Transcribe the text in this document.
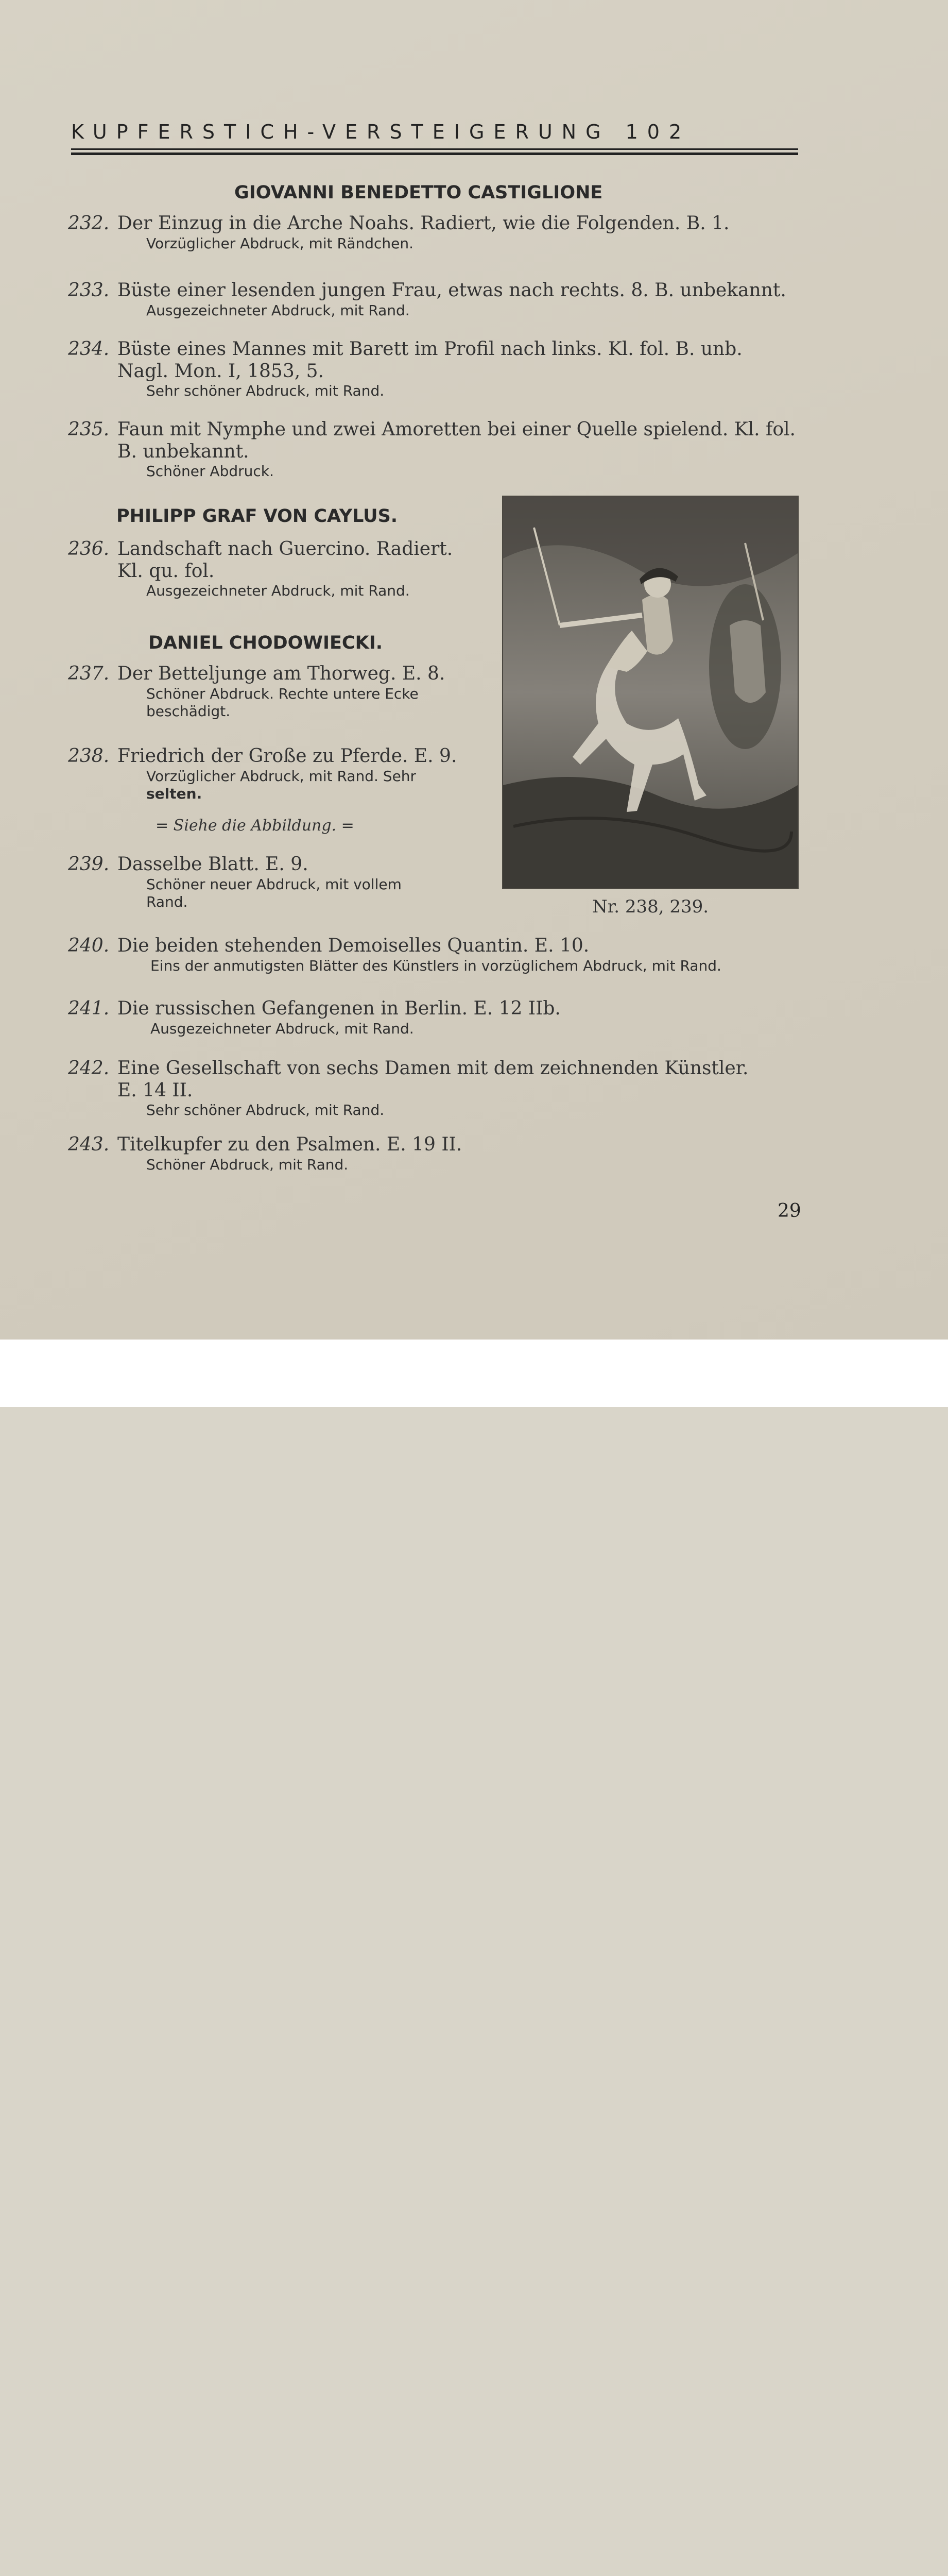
KUPFERSTICH-VERSTEIGERUNG 102
GIOVANNI BENEDETTO CASTIGLIONE
232. Der Einzug in die Arche Noahs. Radiert, wie die Folgenden. B. 1.
Vorzüglicher Abdruck, mit Rändchen.
233. Büste einer lesenden jungen Frau, etwas nach rechts. 8. B. unbekannt.
Ausgezeichneter Abdruck, mit Rand.
234. Büste eines Mannes mit Barett im Profil nach links. Kl. fol. B. unb.
Nagl. Mon. I, 1853, 5.
Sehr schöner Abdruck, mit Rand.
235. Faun mit Nymphe und zwei Amoretten bei einer Quelle spielend. Kl. fol.
B. unbekannt.
Schöner Abdruck.
PHILIPP GRAF VON CAYLUS.
236. Landschaft nach Guercino. Radiert.
Kl. qu. fol.
Ausgezeichneter Abdruck, mit Rand.
DANIEL CHODOWIECKI.
237. Der Betteljunge am Thorweg. E. 8.
Schöner Abdruck. Rechte untere Ecke
beschädigt.
238. Friedrich der Große zu Pferde. E. 9.
Vorzüglicher Abdruck, mit Rand. Sehr
selten.
= Siehe die Abbildung. =
239. Dasselbe Blatt. E. 9.
Schöner neuer Abdruck, mit vollem
Rand.	Nr. 238, 239.
240. Die beiden stehenden Demoiselles Quantin. E. 10.
Eins der anmutigsten Blätter des Künstlers in vorzüglichem Abdruck, mit Rand.
241. Die russischen Gefangenen in Berlin. E. 12 IIb.
Ausgezeichneter Abdruck, mit Rand.
242. Eine Gesellschaft von sechs Damen mit dem zeichnenden Künstler.
E. 14 II.
Sehr schöner Abdruck, mit Rand.
243. Titelkupfer zu den Psalmen. E. 19 II.
Schöner Abdruck, mit Rand.
29
